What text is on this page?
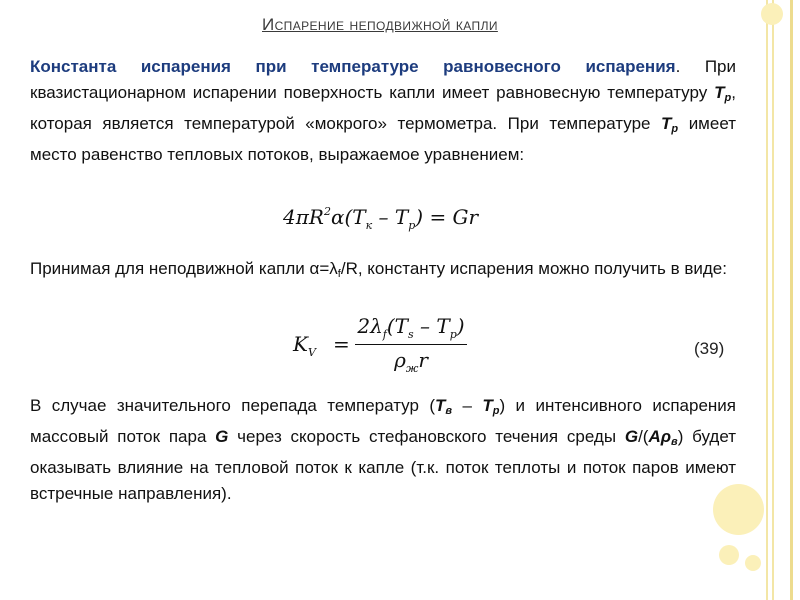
Испарение неподвижной капли
Константа испарения при температуре равновесного испарения. При квазистационарном испарении поверхность капли имеет равновесную температуру $T_р$, которая является температурой «мокрого» термометра. При температуре $T_р$ имеет место равенство тепловых потоков, выражаемое уравнением:
$4\pi R^2\alpha(T_к - T_р) = Gr$
Принимая для неподвижной капли $\alpha=\lambda_f/R$, константу испарения можно получить в виде:
$K_V$ =
$2\lambda_f(T_s - T_p)$
$\rho_жr$	(39)
В случае значительного перепада температур $(T_в - T_р)$ и интенсивного испарения массовый поток пара G через скорость стефановского течения среды $G/(A\rho_в)$ будет оказывать влияние на тепловой поток к капле (т.к. поток теплоты и поток паров имеют встречные направления).
